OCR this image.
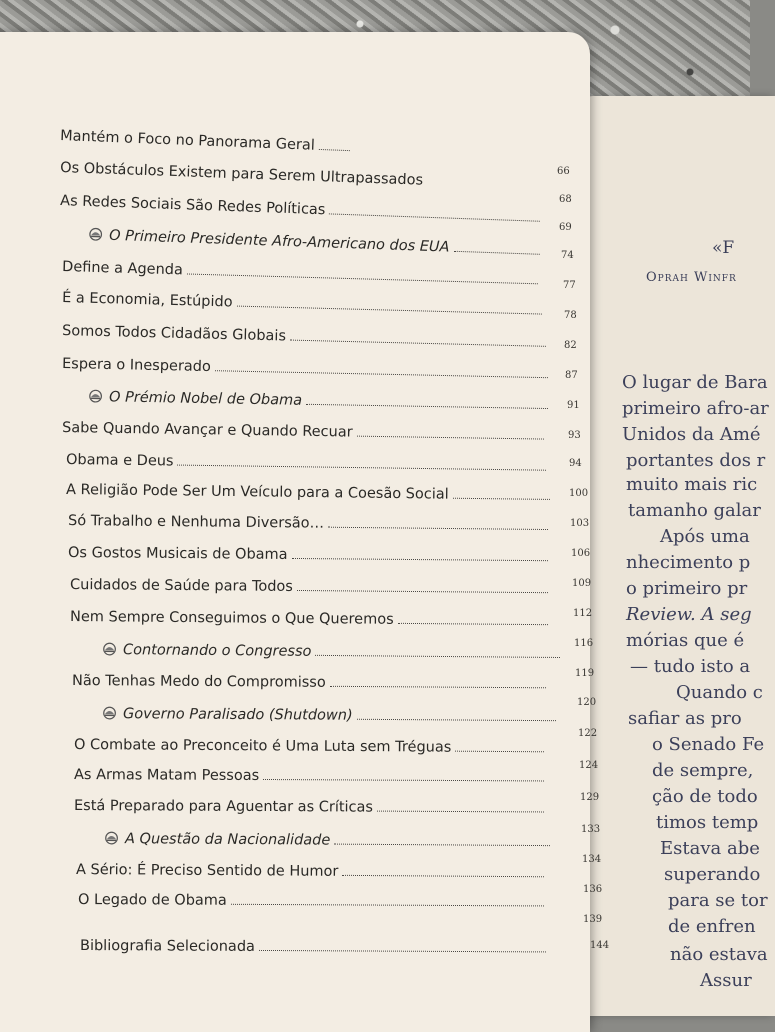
Mantém o Foco no Panorama Geral
Os Obstáculos Existem para Serem Ultrapassados
As Redes Sociais São Redes Políticas
O Primeiro Presidente Afro-Americano dos EUA
Define a Agenda
É a Economia, Estúpido
Somos Todos Cidadãos Globais
Espera o Inesperado
O Prémio Nobel de Obama
Sabe Quando Avançar e Quando Recuar
Obama e Deus
A Religião Pode Ser Um Veículo para a Coesão Social
Só Trabalho e Nenhuma Diversão…
Os Gostos Musicais de Obama
Cuidados de Saúde para Todos
Nem Sempre Conseguimos o Que Queremos
Contornando o Congresso
Não Tenhas Medo do Compromisso
Governo Paralisado (Shutdown)
O Combate ao Preconceito é Uma Luta sem Tréguas
As Armas Matam Pessoas
Está Preparado para Aguentar as Críticas
A Questão da Nacionalidade
A Sério: É Preciso Sentido de Humor
O Legado de Obama
Bibliografia Selecionada
66
68
69
74
77
78
82
87
91
93
94
100
103
106
109
112
116
119
120
122
124
129
133
134
136
139
144
«F
Oprah Winfr
O lugar de Bara
primeiro afro-ar
Unidos da Amé
portantes dos r
muito mais ric
tamanho galar
Após uma
nhecimento p
o primeiro pr
Review. A seg
mórias que é
— tudo isto a
Quando c
safiar as pro
o Senado Fe
de sempre,
ção de todo
timos temp
Estava abe
superando
para se tor
de enfren
não estava
Assur
